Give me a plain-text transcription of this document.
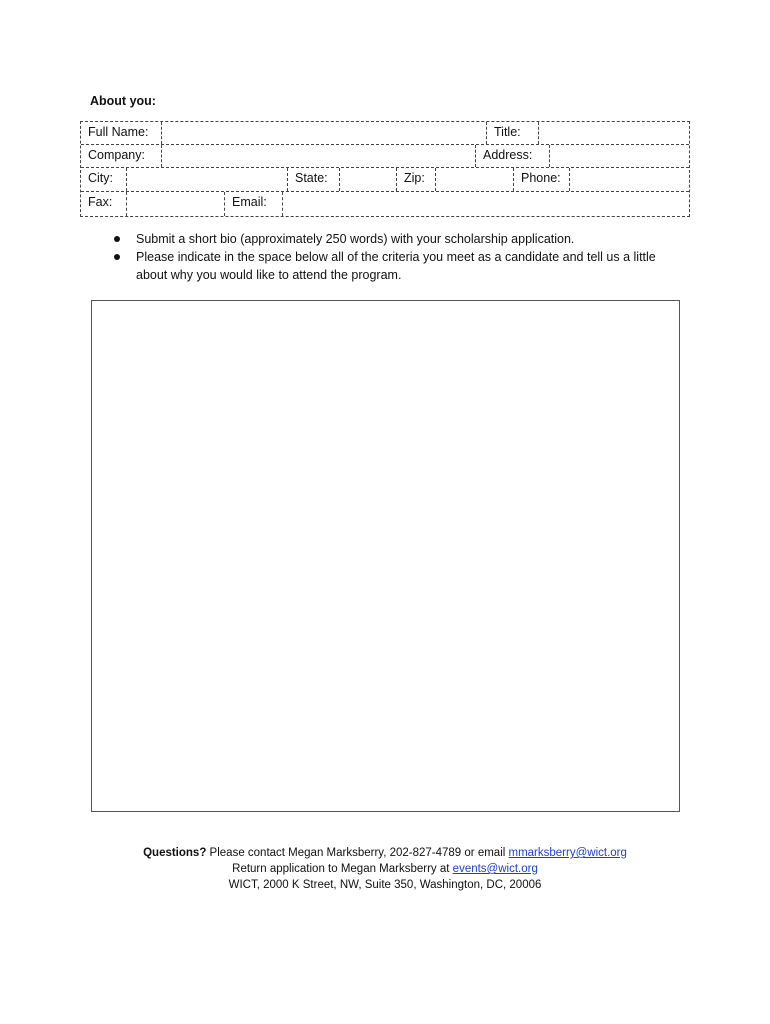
About you:
Full Name:	Title:
Company:	Address:
City:	State:	Zip:	Phone:
Fax:	Email:
Submit a short bio (approximately 250 words) with your scholarship application.
Please indicate in the space below all of the criteria you meet as a candidate and tell us a little about why you would like to attend the program.
Questions? Please contact Megan Marksberry, 202-827-4789 or email mmarksberry@wict.org
Return application to Megan Marksberry at events@wict.org
WICT, 2000 K Street, NW, Suite 350, Washington, DC, 20006
